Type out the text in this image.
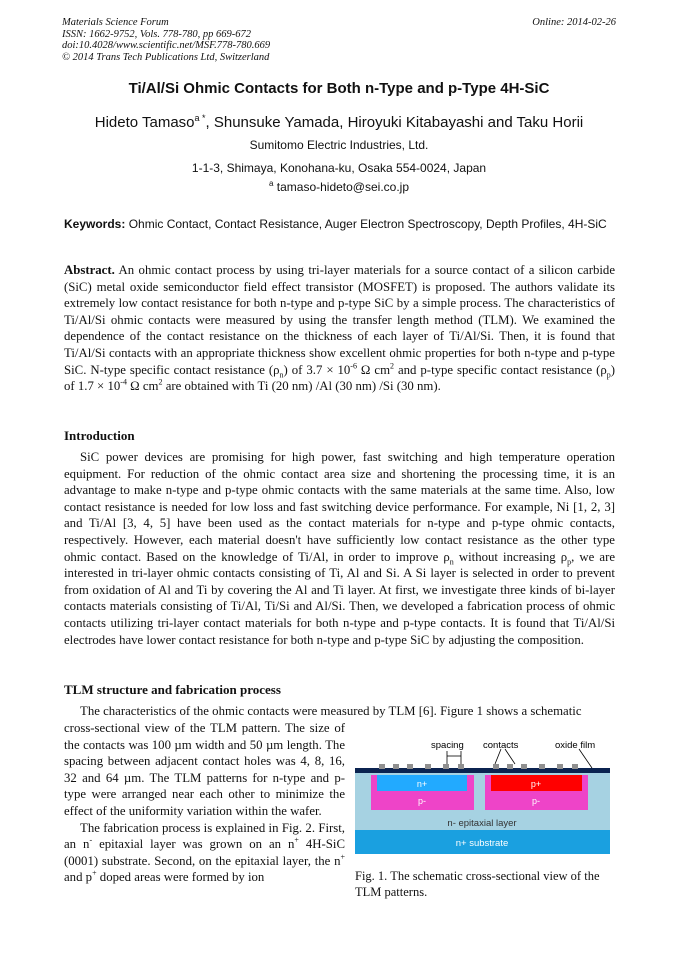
Materials Science Forum	Online: 2014-02-26
ISSN: 1662-9752, Vols. 778-780, pp 669-672
doi:10.4028/www.scientific.net/MSF.778-780.669
© 2014 Trans Tech Publications Ltd, Switzerland
Ti/Al/Si Ohmic Contacts for Both n-Type and p-Type 4H-SiC
Hideto Tamaso$^{a *}$, Shunsuke Yamada, Hiroyuki Kitabayashi and Taku Horii
Sumitomo Electric Industries, Ltd.
1-1-3, Shimaya, Konohana-ku, Osaka 554-0024, Japan
$^a$ tamaso-hideto@sei.co.jp
Keywords: Ohmic Contact, Contact Resistance, Auger Electron Spectroscopy, Depth Profiles, 4H-SiC

Abstract. An ohmic contact process by using tri-layer materials for a source contact of a silicon carbide (SiC) metal oxide semiconductor field effect transistor (MOSFET) is proposed. The authors validate its extremely low contact resistance for both n-type and p-type SiC by a simple process. The characteristics of Ti/Al/Si ohmic contacts were measured by using the transfer length method (TLM). We examined the dependence of the contact resistance on the thickness of each layer of Ti/Al/Si. Then, it is found that Ti/Al/Si contacts with an appropriate thickness show excellent ohmic properties for both n-type and p-type SiC. N-type specific contact resistance $(\rho_n)$ of $3.7 \times 10^{-6}$ Ω $cm^2$ and p-type specific contact resistance $(\rho_p)$ of $1.7 \times 10^{-4}$ Ω $cm^2$ are obtained with Ti (20 nm) /Al (30 nm) /Si (30 nm).

Introduction

SiC power devices are promising for high power, fast switching and high temperature operation equipment. For reduction of the ohmic contact area size and shortening the processing time, it is an advantage to make n-type and p-type ohmic contacts with the same materials at the same time. Also, low contact resistance is needed for low loss and fast switching device performance. For example, Ni [1, 2, 3] and Ti/Al [3, 4, 5] have been used as the contact materials for n-type and p-type ohmic contacts, respectively. However, each material doesn't have sufficiently low contact resistance as the other type ohmic contact. Based on the knowledge of Ti/Al, in order to improve $\rho_n$ without increasing $\rho_p$, we are interested in tri-layer ohmic contacts consisting of Ti, Al and Si. A Si layer is selected in order to prevent from oxidation of Al and Ti by covering the Al and Ti layer. At first, we investigate three kinds of bi-layer contacts materials consisting of Ti/Al, Ti/Si and Al/Si. Then, we developed a fabrication process of ohmic contacts utilizing tri-layer contact materials for both n-type and p-type contacts. It is found that Ti/Al/Si electrodes have lower contact resistance for both n-type and p-type SiC by adjusting the composition.

TLM structure and fabrication process

The characteristics of the ohmic contacts were measured by TLM [6]. Figure 1 shows a schematic

cross-sectional view of the TLM pattern. The size of the contacts was 100 µm width and 50 µm length. The spacing between adjacent contact holes was 4, 8, 16, 32 and 64 µm. The TLM patterns for n-type and p-type were arranged near each other to minimize the effect of the uniformity variation within the wafer.

The fabrication process is explained in Fig. 2. First, an n- epitaxial layer was grown on an n+ 4H-SiC (0001) substrate. Second, on the epitaxial layer, the n+ and p+ doped areas were formed by ion

spacing contacts	oxide film
n+	p+
p-	p-
n- epitaxial layer
n+ substrate
Fig. 1. The schematic cross-sectional view of the TLM patterns.
